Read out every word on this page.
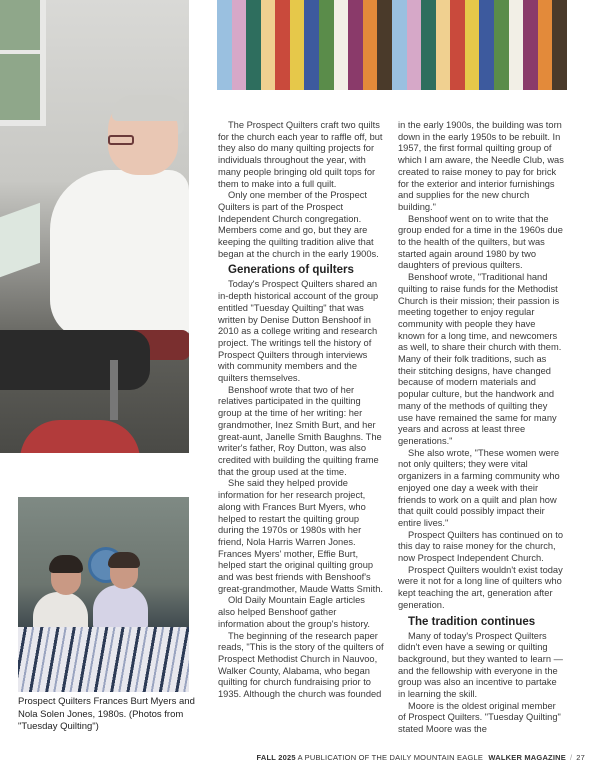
The Prospect Quilters craft two quilts for the church each year to raffle off, but they also do many quilting projects for individuals throughout the year, with many people bringing old quilt tops for them to make into a full quilt.

Only one member of the Prospect Quilters is part of the Prospect Independent Church congregation. Members come and go, but they are keeping the quilting tradition alive that began at the church in the early 1900s.

Generations of quilters

Today's Prospect Quilters shared an in-depth historical account of the group entitled "Tuesday Quilting" that was written by Denise Dutton Benshoof in 2010 as a college writing and research project. The writings tell the history of Prospect Quilters through interviews with community members and the quilters themselves.

Benshoof wrote that two of her relatives participated in the quilting group at the time of her writing: her grandmother, Inez Smith Burt, and her great-aunt, Janelle Smith Baughns. The writer's father, Roy Dutton, was also credited with building the quilting frame that the group used at the time.

She said they helped provide information for her research project, along with Frances Burt Myers, who helped to restart the quilting group during the 1970s or 1980s with her friend, Nola Harris Warren Jones. Frances Myers' mother, Effie Burt, helped start the original quilting group and was best friends with Benshoof's great-grandmother, Maude Watts Smith.

Old Daily Mountain Eagle articles also helped Benshoof gather information about the group's history.

The beginning of the research paper reads, "This is the story of the quilters of Prospect Methodist Church in Nauvoo, Walker County, Alabama, who began quilting for church fundraising prior to 1935. Although the church was founded

in the early 1900s, the building was torn down in the early 1950s to be rebuilt. In 1957, the first formal quilting group of which I am aware, the Needle Club, was created to raise money to pay for brick for the exterior and interior furnishings and supplies for the new church building."

Benshoof went on to write that the group ended for a time in the 1960s due to the health of the quilters, but was started again around 1980 by two daughters of previous quilters.

Benshoof wrote, "Traditional hand quilting to raise funds for the Methodist Church is their mission; their passion is meeting together to enjoy regular community with people they have known for a long time, and newcomers as well, to share their church with them. Many of their folk traditions, such as their stitching designs, have changed because of modern materials and popular culture, but the handwork and many of the methods of quilting they use have remained the same for many years and across at least three generations."

She also wrote, "These women were not only quilters; they were vital organizers in a farming community who enjoyed one day a week with their friends to work on a quilt and plan how that quilt could possibly impact their entire lives."

Prospect Quilters has continued on to this day to raise money for the church, now Prospect Independent Church.

Prospect Quilters wouldn't exist today were it not for a long line of quilters who kept teaching the art, generation after generation.

The tradition continues

Many of today's Prospect Quilters didn't even have a sewing or quilting background, but they wanted to learn — and the fellowship with everyone in the group was also an incentive to partake in learning the skill.

Moore is the oldest original member of Prospect Quilters. "Tuesday Quilting" stated Moore was the

Prospect Quilters Frances Burt Myers and Nola Solen Jones, 1980s. (Photos from "Tuesday Quilting")
FALL 2025 A PUBLICATION OF THE DAILY MOUNTAIN EAGLE WALKER MAGAZINE / 27
